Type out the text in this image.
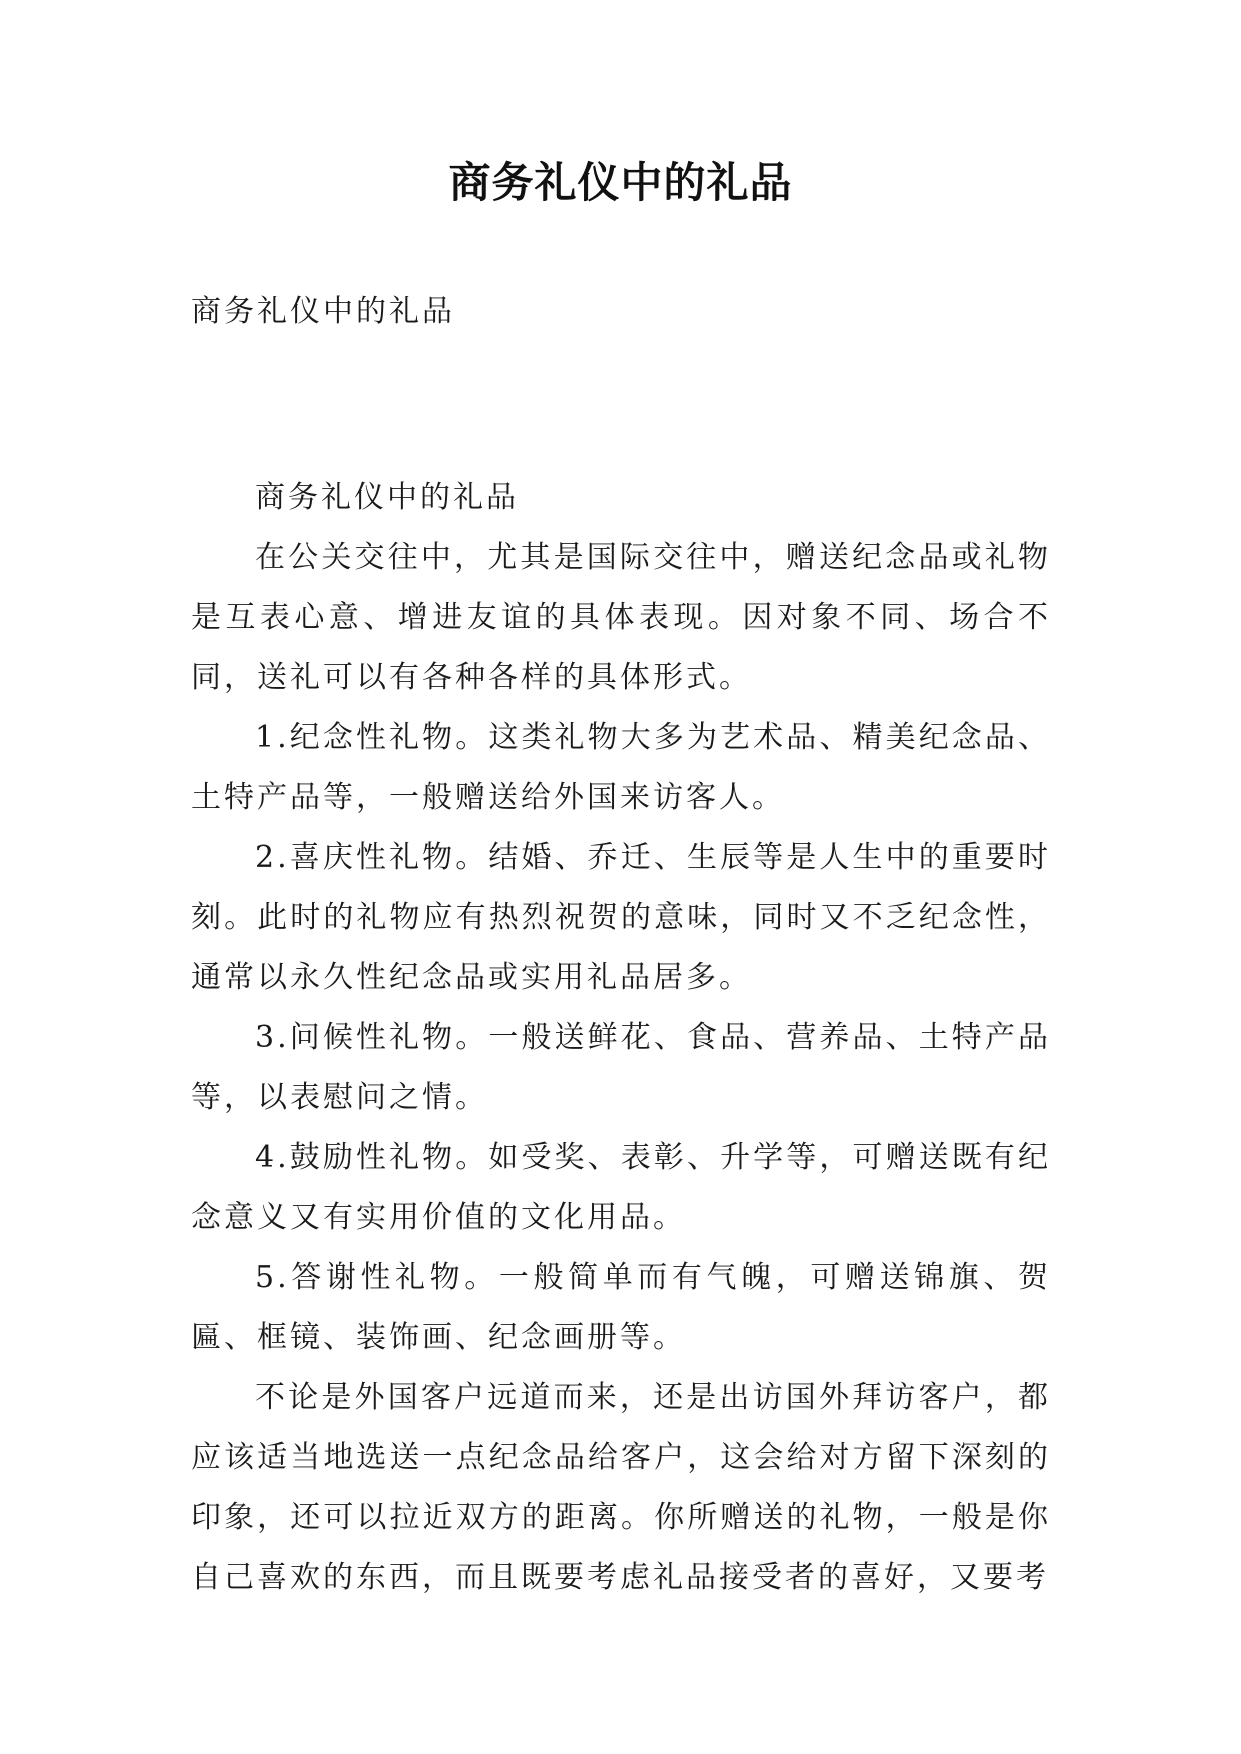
商务礼仪中的礼品
商务礼仪中的礼品

商务礼仪中的礼品

在公关交往中，尤其是国际交往中，赠送纪念品或礼物是互表心意、增进友谊的具体表现。因对象不同、场合不同，送礼可以有各种各样的具体形式。

1.纪念性礼物。这类礼物大多为艺术品、精美纪念品、土特产品等，一般赠送给外国来访客人。

2.喜庆性礼物。结婚、乔迁、生辰等是人生中的重要时刻。此时的礼物应有热烈祝贺的意味，同时又不乏纪念性，通常以永久性纪念品或实用礼品居多。

3.问候性礼物。一般送鲜花、食品、营养品、土特产品等，以表慰问之情。

4.鼓励性礼物。如受奖、表彰、升学等，可赠送既有纪念意义又有实用价值的文化用品。

5.答谢性礼物。一般简单而有气魄，可赠送锦旗、贺匾、框镜、装饰画、纪念画册等。

不论是外国客户远道而来，还是出访国外拜访客户，都应该适当地选送一点纪念品给客户，这会给对方留下深刻的印象，还可以拉近双方的距离。你所赠送的礼物，一般是你自己喜欢的东西，而且既要考虑礼品接受者的喜好，又要考
